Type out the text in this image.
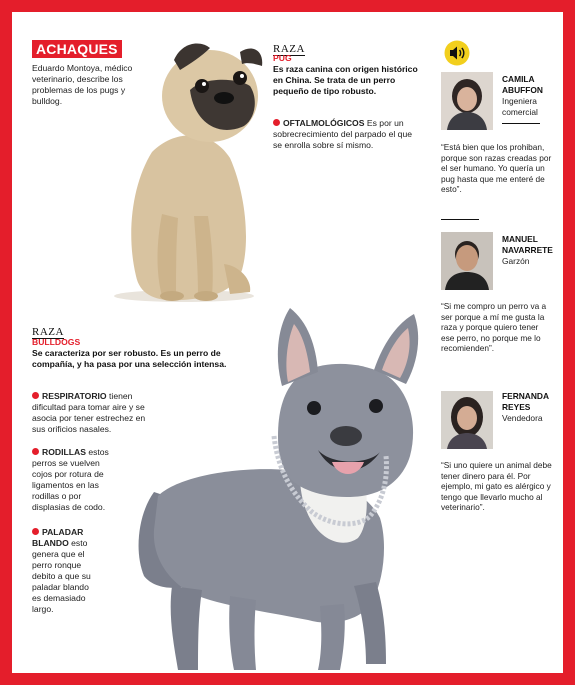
ACHAQUES
Eduardo Montoya, médico veterinario, describe los problemas de los pugs y bulldog.
RAZA
PUG
Es raza canina con origen histórico en China. Se trata de un perro pequeño de tipo robusto.
OFTALMOLÓGICOS Es por un sobrecrecimiento del parpado el que se enrolla sobre sí mismo.
RAZA
BULLDOGS
Se caracteriza por ser robusto. Es un perro de compañía, y ha pasa por una selección intensa.
RESPIRATORIO tienen dificultad para tomar aire y se asocia por tener estrechez en sus orificios nasales.
RODILLAS estos perros se vuelven cojos por rotura de ligamentos en las rodillas o por displasias de codo.
PALADAR BLANDO esto genera que el perro ronque debito a que su paladar blando es demasiado largo.
CAMILA ABUFFON
Ingeniera comercial
“Está bien que los prohiban, porque son razas creadas por el ser humano. Yo quería un pug hasta que me enteré de esto”.
MANUEL NAVARRETE
Garzón
“Si me compro un perro va a ser porque a mí me gusta la raza y porque quiero tener ese perro, no porque me lo recomienden”.
FERNANDA REYES
Vendedora
“Si uno quiere un animal debe tener dinero para él. Por ejemplo, mi gato es alérgico y tengo que llevarlo mucho al veterinario”.
